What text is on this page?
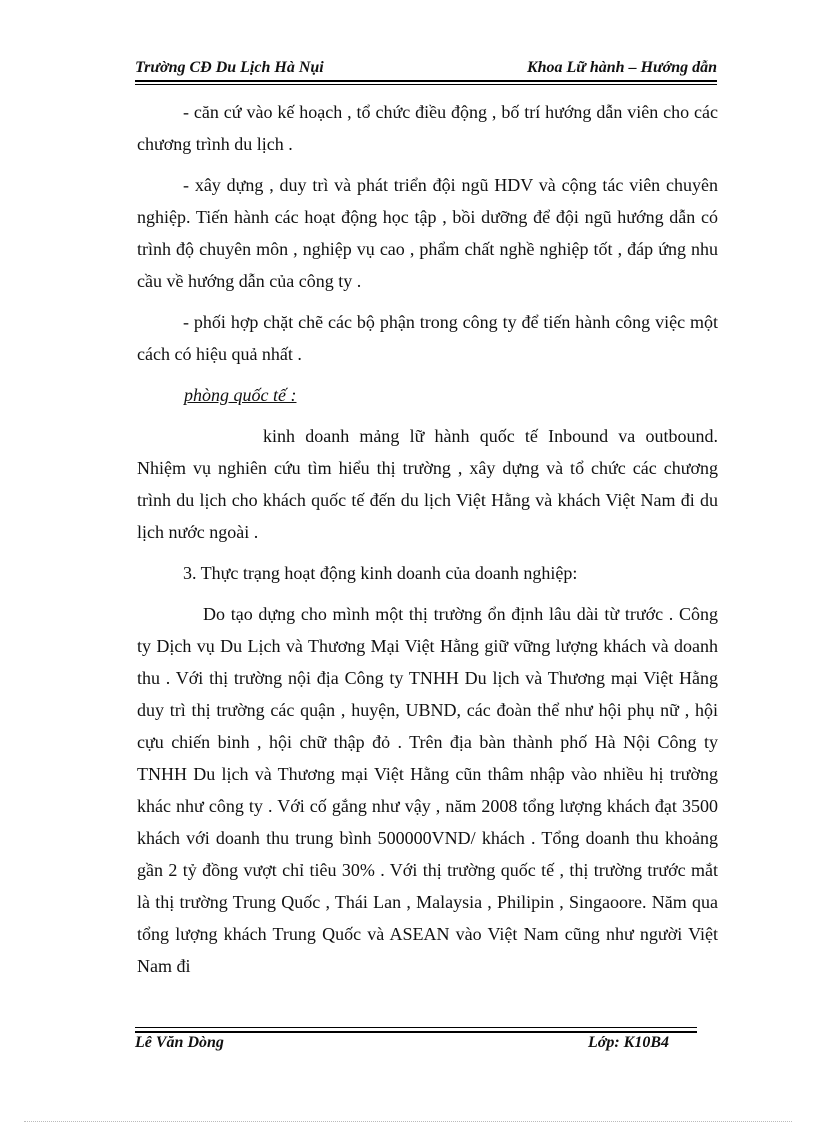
Trường CĐ Du Lịch Hà Nụi	Khoa Lữ hành – Hướng dẫn

- căn cứ vào kế hoạch , tổ chức điều động , bố trí hướng dẫn viên cho các chương trình du lịch .

- xây dựng , duy trì và phát triển đội ngũ HDV và cộng tác viên chuyên nghiệp. Tiến hành các hoạt động học tập , bồi dưỡng để đội ngũ hướng dẫn có trình độ chuyên môn , nghiệp vụ cao , phẩm chất nghề nghiệp tốt , đáp ứng nhu cầu về hướng dẫn của công ty .

- phối hợp chặt chẽ các bộ phận trong công ty để tiến hành công việc một cách có hiệu quả nhất .

phòng quốc tế :

kinh doanh mảng lữ hành quốc tế Inbound va outbound. Nhiệm vụ nghiên cứu tìm hiểu thị trường , xây dựng và tổ chức các chương trình du lịch cho khách quốc tế đến du lịch Việt Hằng và khách Việt Nam đi du lịch nước ngoài .

3. Thực trạng hoạt động kinh doanh của doanh nghiệp:

Do tạo dựng cho mình một thị trường ổn định lâu dài từ trước . Công ty Dịch vụ Du Lịch và Thương Mại Việt Hằng giữ vững lượng khách và doanh thu . Với thị trường nội địa Công ty TNHH Du lịch và Thương mại Việt Hằng duy trì thị trường các quận , huyện, UBND, các đoàn thể như hội phụ nữ , hội cựu chiến binh , hội chữ thập đỏ . Trên địa bàn thành phố Hà Nội Công ty TNHH Du lịch và Thương mại Việt Hằng cũn thâm nhập vào nhiều hị trường khác như công ty . Với cố gắng như vậy , năm 2008 tổng lượng khách đạt 3500 khách với doanh thu trung bình 500000VND/ khách . Tổng doanh thu khoảng gần 2 tỷ đồng vượt chỉ tiêu 30% . Với thị trường quốc tế , thị trường trước mắt là thị trường Trung Quốc , Thái Lan , Malaysia , Philipin , Singaoore. Năm qua tổng lượng khách Trung Quốc và ASEAN vào Việt Nam cũng như người Việt Nam đi

Lê Văn Dòng	Lớp: K10B4
